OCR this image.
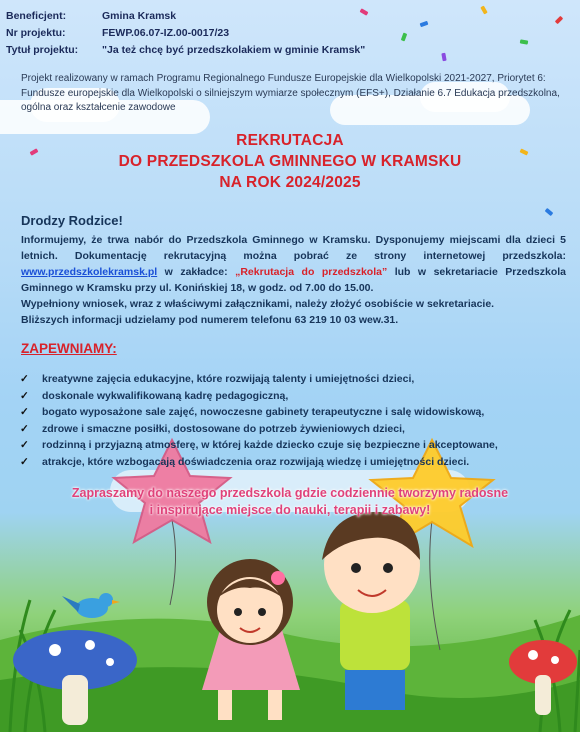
Beneficjent:	Gmina Kramsk
Nr projektu:	FEWP.06.07-IZ.00-0017/23
Tytuł projektu: "Ja też chcę być przedszkolakiem w gminie Kramsk"
Projekt realizowany w ramach Programu Regionalnego Fundusze Europejskie dla Wielkopolski 2021-2027, Priorytet 6: Fundusze europejskie dla Wielkopolski o silniejszym wymiarze społecznym (EFS+), Działanie 6.7 Edukacja przedszkolna, ogólna oraz kształcenie zawodowe
REKRUTACJA
DO PRZEDSZKOLA GMINNEGO W KRAMSKU
NA ROK 2024/2025
Drodzy Rodzice!
Informujemy, że trwa nabór do Przedszkola Gminnego w Kramsku. Dysponujemy miejscami dla dzieci 5 letnich. Dokumentację rekrutacyjną można pobrać ze strony internetowej przedszkola: www.przedszkolekramsk.pl w zakładce: „Rekrutacja do przedszkola” lub w sekretariacie Przedszkola Gminnego w Kramsku przy ul. Konińskiej 18, w godz. od 7.00 do 15.00.
Wypełniony wniosek, wraz z właściwymi załącznikami, należy złożyć osobiście w sekretariacie.
Bliższych informacji udzielamy pod numerem telefonu 63 219 10 03 wew.31.
ZAPEWNIAMY:
✓ kreatywne zajęcia edukacyjne, które rozwijają talenty i umiejętności dzieci,
✓ doskonale wykwalifikowaną kadrę pedagogiczną,
✓ bogato wyposażone sale zajęć, nowoczesne gabinety terapeutyczne i salę widowiskową,
✓ zdrowe i smaczne posiłki, dostosowane do potrzeb żywieniowych dzieci,
✓ rodzinną i przyjazną atmosferę, w której każde dziecko czuje się bezpieczne i akceptowane,
✓ atrakcje, które wzbogacają doświadczenia oraz rozwijają wiedzę i umiejętności dzieci.
Zapraszamy do naszego przedszkola gdzie codziennie tworzymy radosne
i inspirujące miejsce do nauki, terapii i zabawy!
